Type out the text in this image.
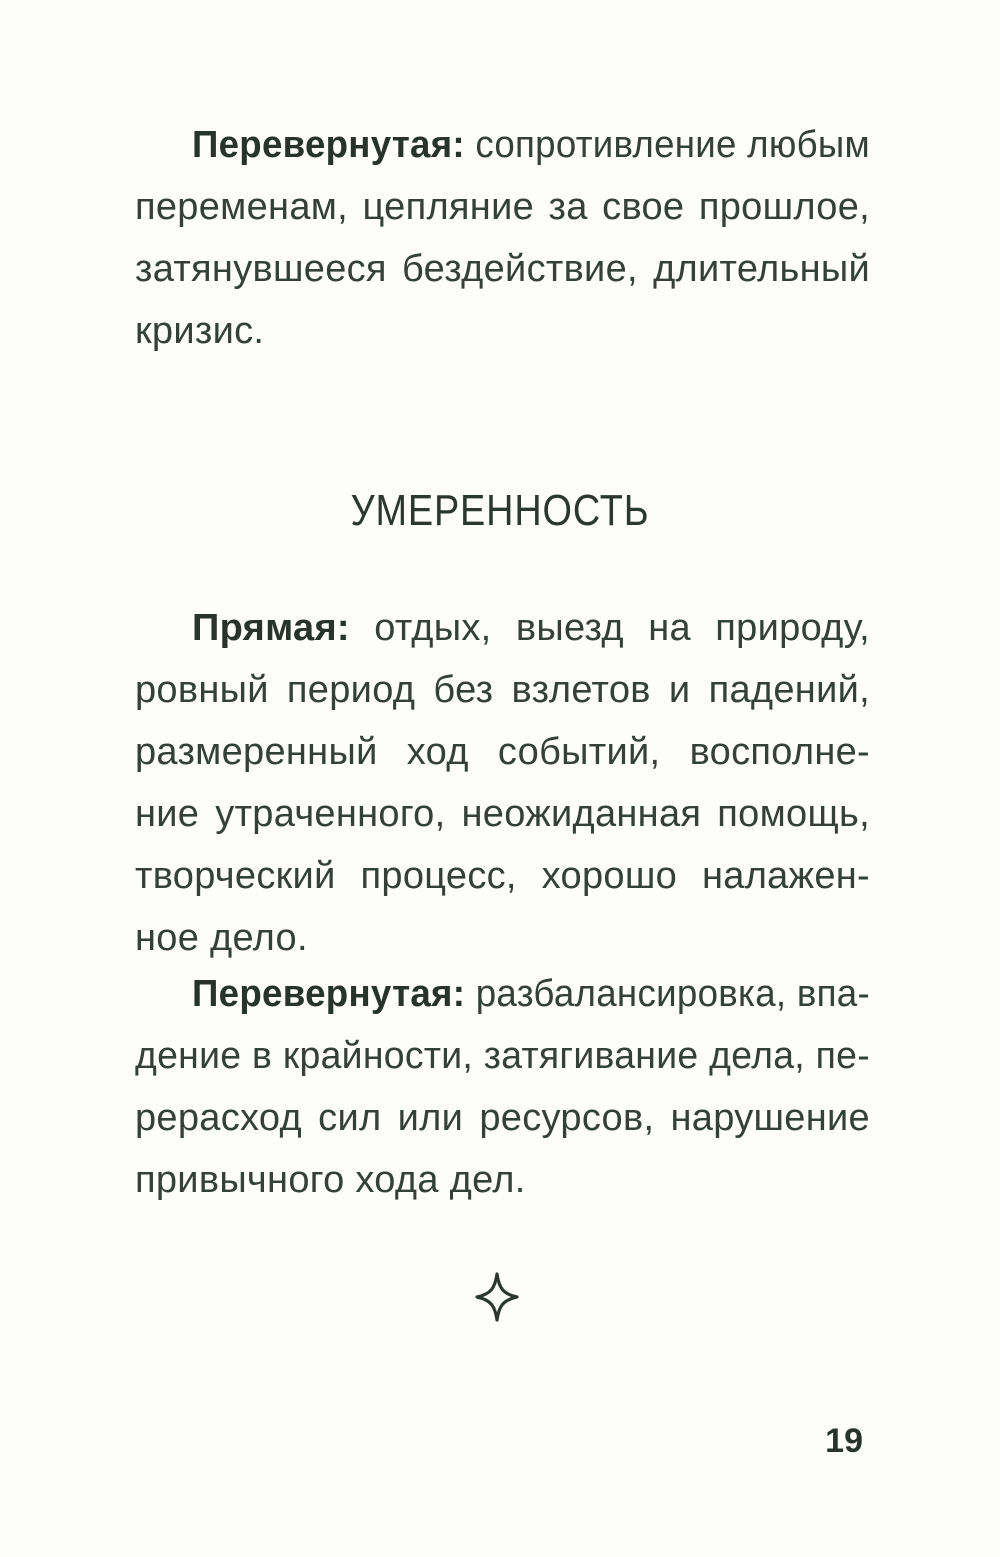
Перевернутая: сопротивление любым
переменам, цепляние за свое прошлое,
затянувшееся бездействие, длительный
кризис.

УМЕРЕННОСТЬ

Прямая: отдых, выезд на природу,
ровный период без взлетов и падений,
размеренный ход событий, восполне-
ние утраченного, неожиданная помощь,
творческий процесс, хорошо налажен-
ное дело.

Перевернутая: разбалансировка, впа-
дение в крайности, затягивание дела, пе-
рерасход сил или ресурсов, нарушение
привычного хода дел.

19
